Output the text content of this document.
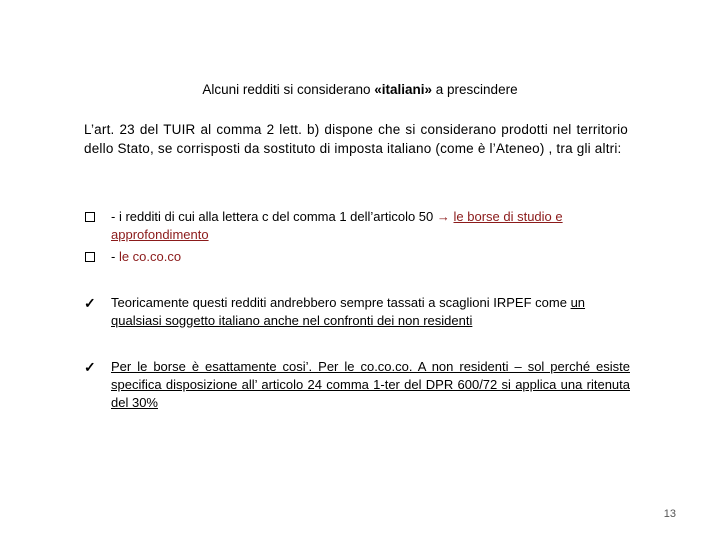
Alcuni redditi si considerano «italiani» a prescindere
L’art. 23 del TUIR al comma 2 lett. b) dispone che si considerano prodotti nel territorio dello Stato, se corrisposti da sostituto di imposta italiano (come è l’Ateneo) , tra gli altri:
- i redditi di cui alla lettera c del comma 1 dell’articolo 50 → le borse di studio e approfondimento
- le co.co.co
✓ Teoricamente questi redditi andrebbero sempre tassati a scaglioni IRPEF come un qualsiasi soggetto italiano anche nel confronti dei non residenti
✓ Per le borse è esattamente cosi’. Per le co.co.co. A non residenti – sol perché esiste specifica disposizione all’ articolo 24 comma 1-ter del DPR 600/72 si applica una ritenuta del 30%
13
